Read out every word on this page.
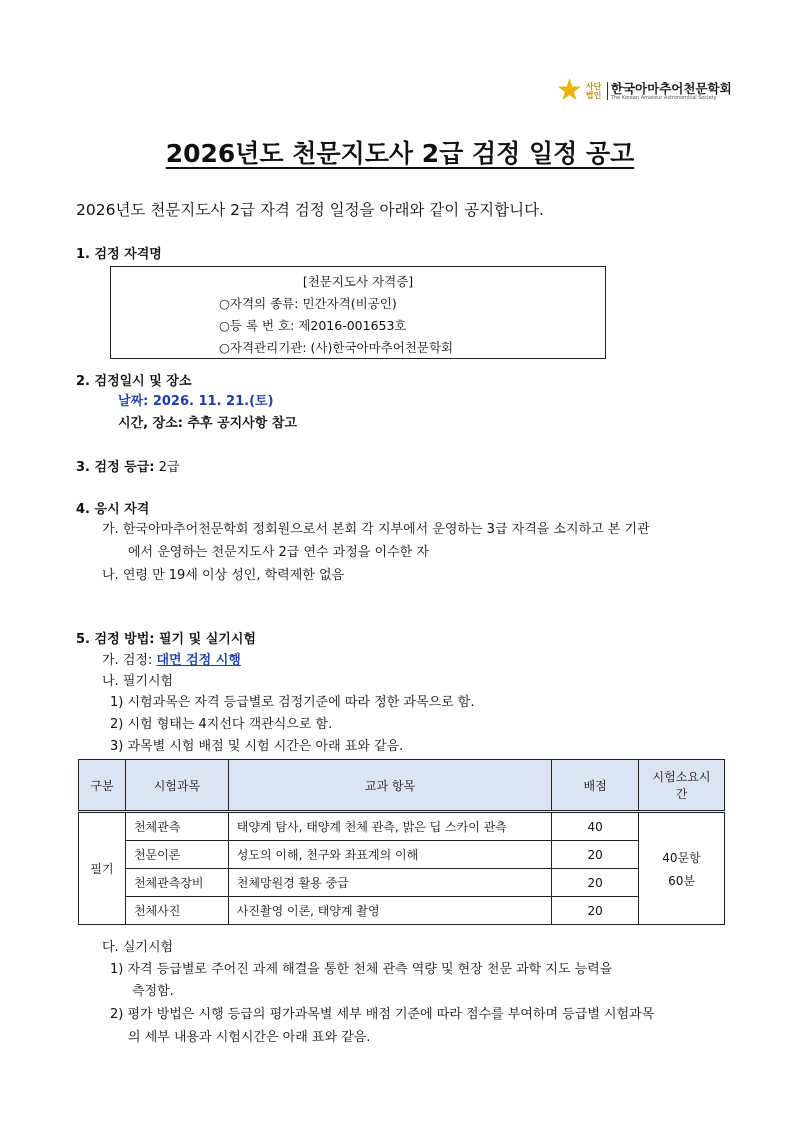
★ 사단법인 한국아마추어천문학회
The Korean Amateur Astronomical Society
2026년도 천문지도사 2급 검정 일정 공고
2026년도 천문지도사 2급 자격 검정 일정을 아래와 같이 공지합니다.
1. 검정 자격명
[천문지도사 자격증]
○자격의 종류: 민간자격(비공인)
○등 록 번 호: 제2016-001653호
○자격관리기관: (사)한국아마추어천문학회
2. 검정일시 및 장소
날짜: 2026. 11. 21.(토)
시간, 장소: 추후 공지사항 참고
3. 검정 등급: 2급
4. 응시 자격
가. 한국아마추어천문학회 정회원으로서 본회 각 지부에서 운영하는 3급 자격을 소지하고 본 기관
에서 운영하는 천문지도사 2급 연수 과정을 이수한 자
나. 연령 만 19세 이상 성인, 학력제한 없음
5. 검정 방법: 필기 및 실기시험
가. 검정: 대면 검정 시행
나. 필기시험
1) 시험과목은 자격 등급별로 검정기준에 따라 정한 과목으로 함.
2) 시험 형태는 4지선다 객관식으로 함.
3) 과목별 시험 배점 및 시험 시간은 아래 표와 같음.
구분	시험과목	교과 항목	배점	시험소요시간
필기	천체관측	태양계 탐사, 태양계 천체 관측, 밝은 딥 스카이 관측	40	40문항
60분

	천문이론	성도의 이해, 천구와 좌표계의 이해	20	
	천체관측장비	천체망원경 활용 중급	20	
	천체사진	사진촬영 이론, 태양계 촬영	20	
다. 실기시험
1) 자격 등급별로 주어진 과제 해결을 통한 천체 관측 역량 및 현장 천문 과학 지도 능력을
측정함.
2) 평가 방법은 시행 등급의 평가과목별 세부 배점 기준에 따라 점수를 부여하며 등급별 시험과목
의 세부 내용과 시험시간은 아래 표와 같음.
